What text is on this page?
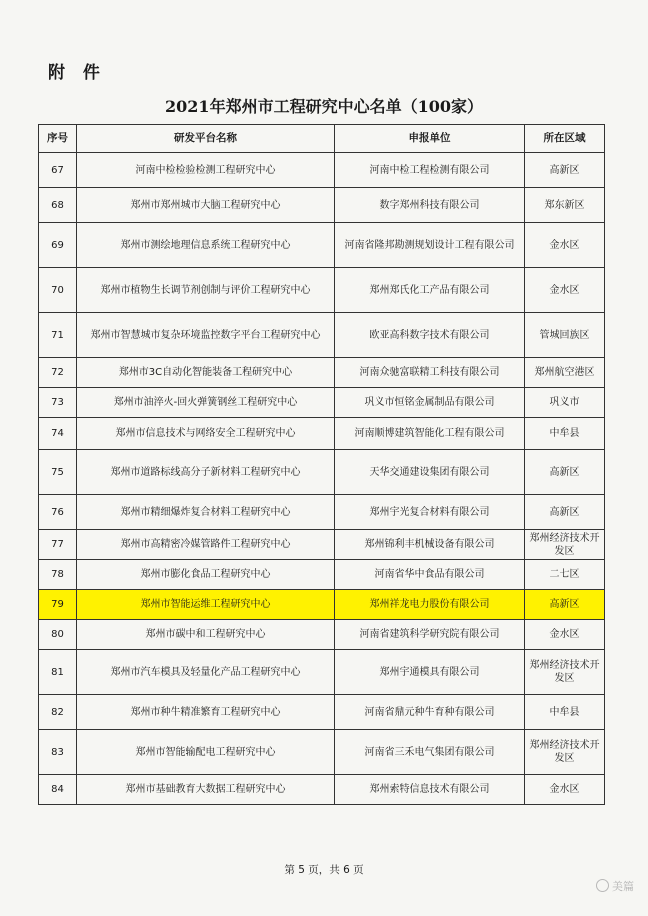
附 件
2021年郑州市工程研究中心名单（100家）
序号	研发平台名称	申报单位	所在区域
67	河南中检检验检测工程研究中心	河南中检工程检测有限公司	高新区
68	郑州市郑州城市大脑工程研究中心	数字郑州科技有限公司	郑东新区
69	郑州市测绘地理信息系统工程研究中心	河南省隆邦勘测规划设计工程有限公司	金水区
70	郑州市植物生长调节剂创制与评价工程研究中心	郑州郑氏化工产品有限公司	金水区
71	郑州市智慧城市复杂环境监控数字平台工程研究中心	欧亚高科数字技术有限公司	管城回族区
72	郑州市3C自动化智能装备工程研究中心	河南众驰富联精工科技有限公司	郑州航空港区
73	郑州市油淬火-回火弹簧钢丝工程研究中心	巩义市恒铭金属制品有限公司	巩义市
74	郑州市信息技术与网络安全工程研究中心	河南顺博建筑智能化工程有限公司	中牟县
75	郑州市道路标线高分子新材料工程研究中心	天华交通建设集团有限公司	高新区
76	郑州市精细爆炸复合材料工程研究中心	郑州宇光复合材料有限公司	高新区
77	郑州市高精密冷媒管路件工程研究中心	郑州锦利丰机械设备有限公司	郑州经济技术开发区
78	郑州市膨化食品工程研究中心	河南省华中食品有限公司	二七区
79	郑州市智能运维工程研究中心	郑州祥龙电力股份有限公司	高新区
80	郑州市碳中和工程研究中心	河南省建筑科学研究院有限公司	金水区
81	郑州市汽车模具及轻量化产品工程研究中心	郑州宇通模具有限公司	郑州经济技术开发区
82	郑州市种牛精准繁育工程研究中心	河南省鼎元种牛育种有限公司	中牟县
83	郑州市智能输配电工程研究中心	河南省三禾电气集团有限公司	郑州经济技术开发区
84	郑州市基础教育大数据工程研究中心	郑州索特信息技术有限公司	金水区
第 5 页，共 6 页
美篇
